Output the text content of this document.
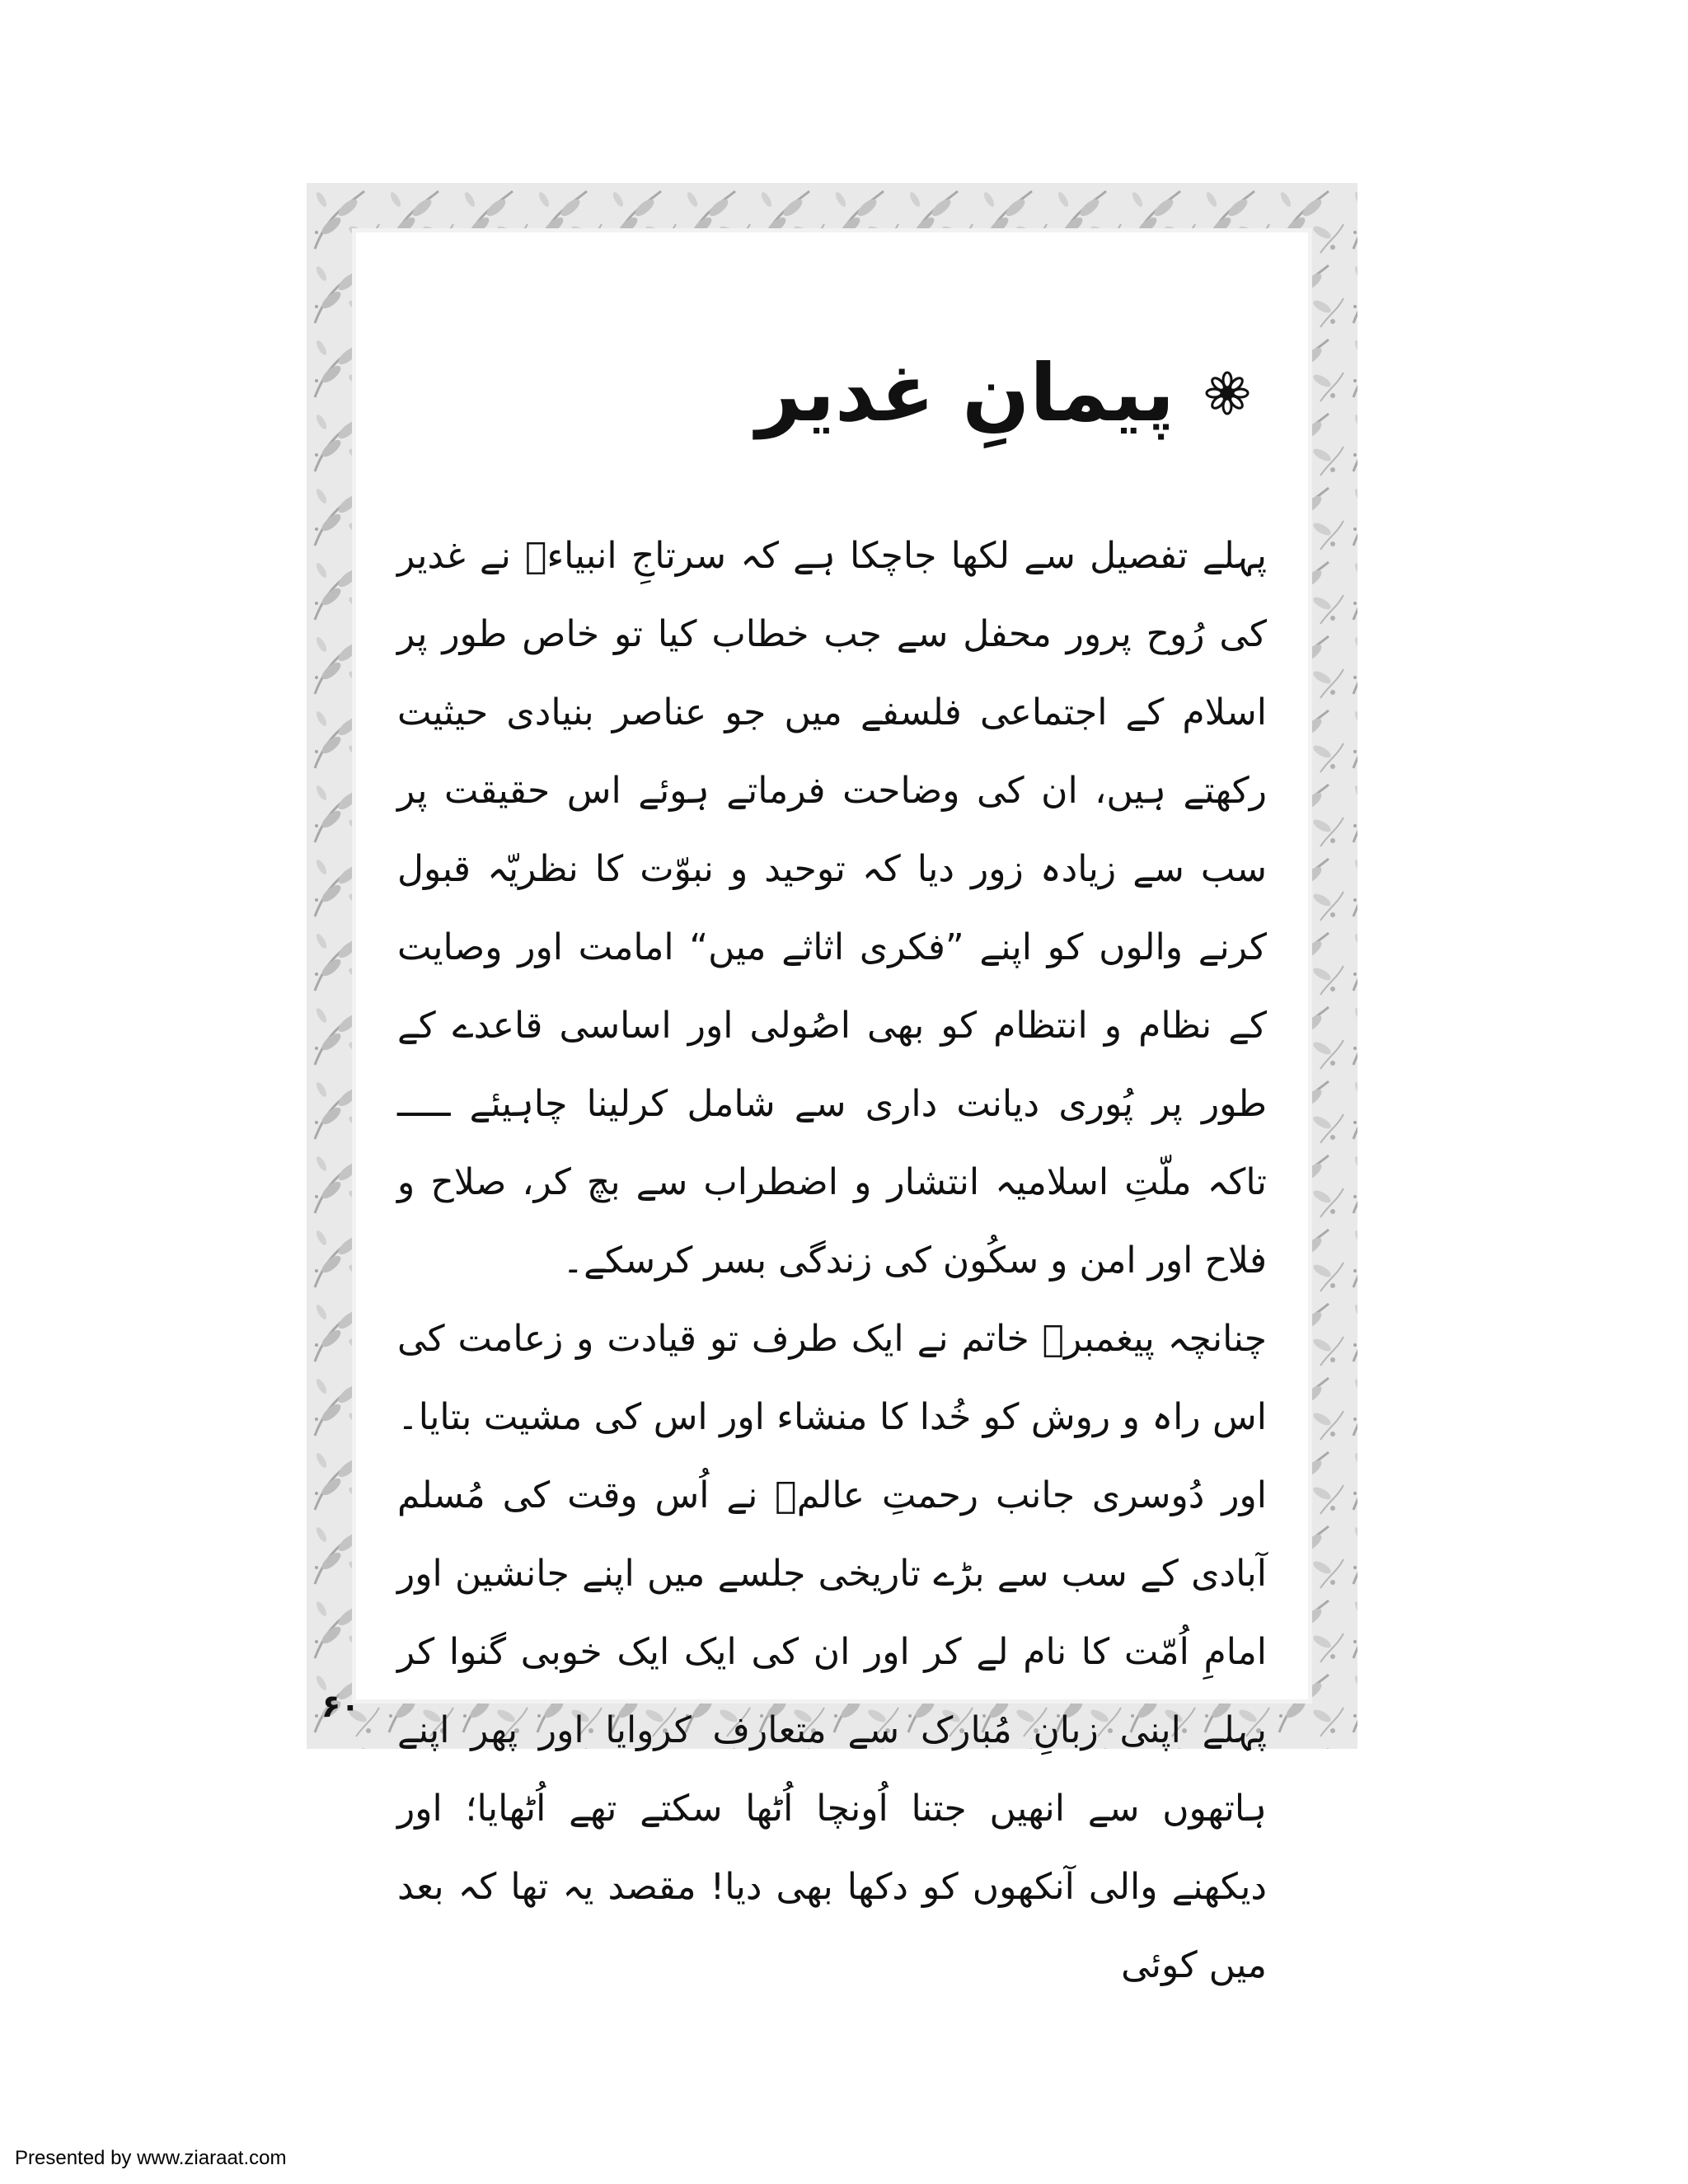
پیمانِ غدیر

پہلے تفصیل سے لکھا جاچکا ہے کہ سرتاجِ انبیاءؑ نے غدیر کی رُوح پرور محفل سے جب خطاب کیا تو خاص طور پر اسلام کے اجتماعی فلسفے میں جو عناصر بنیادی حیثیت رکھتے ہیں، ان کی وضاحت فرماتے ہوئے اس حقیقت پر سب سے زیادہ زور دیا کہ توحید و نبوّت کا نظریّہ قبول کرنے والوں کو اپنے ”فکری اثاثے میں“ امامت اور وصایت کے نظام و انتظام کو بھی اصُولی اور اساسی قاعدے کے طور پر پُوری دیانت داری سے شامل کرلینا چاہیئے ـــــ تاکہ ملّتِ اسلامیہ انتشار و اضطراب سے بچ کر، صلاح و فلاح اور امن و سکُون کی زندگی بسر کرسکے۔

چنانچہ پیغمبرؐ خاتم نے ایک طرف تو قیادت و زعامت کی اس راہ و روش کو خُدا کا منشاء اور اس کی مشیت بتایا۔ اور دُوسری جانب رحمتِ عالمؐ نے اُس وقت کی مُسلم آبادی کے سب سے بڑے تاریخی جلسے میں اپنے جانشین اور امامِ اُمّت کا نام لے کر اور ان کی ایک ایک خوبی گنوا کر پہلے اپنی زبانِ مُبارک سے متعارف کروایا اور پھر اپنے ہاتھوں سے انھیں جتنا اُونچا اُٹھا سکتے تھے اُٹھایا؛ اور دیکھنے والی آنکھوں کو دکھا بھی دیا! مقصد یہ تھا کہ بعد میں کوئی

۶۰
Presented by www.ziaraat.com
